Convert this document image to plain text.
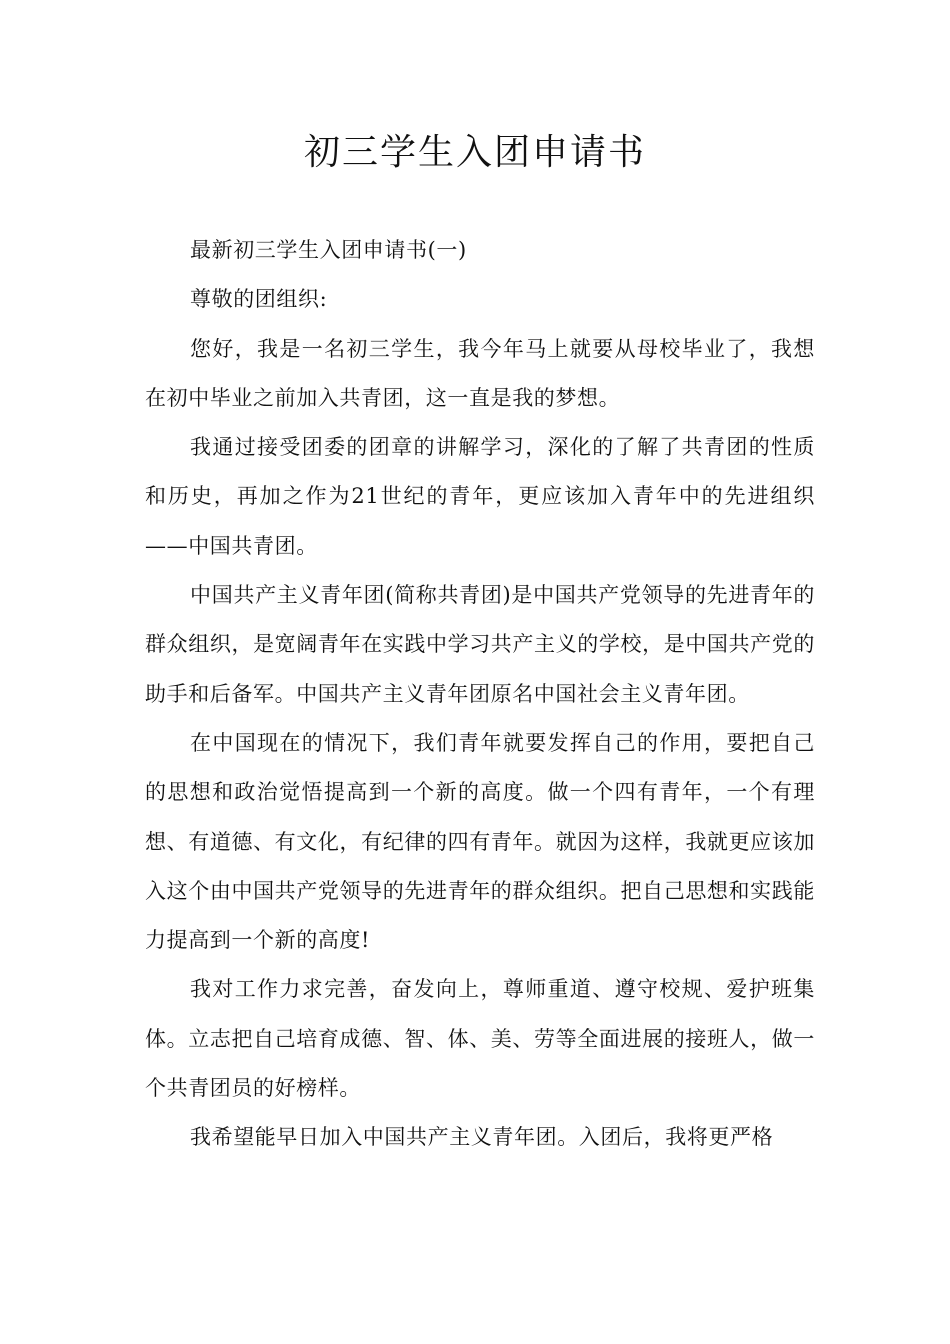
初三学生入团申请书

最新初三学生入团申请书(一)

尊敬的团组织:

您好，我是一名初三学生，我今年马上就要从母校毕业了，我想在初中毕业之前加入共青团，这一直是我的梦想。

我通过接受团委的团章的讲解学习，深化的了解了共青团的性质和历史，再加之作为21世纪的青年，更应该加入青年中的先进组织——中国共青团。

中国共产主义青年团(简称共青团)是中国共产党领导的先进青年的群众组织，是宽阔青年在实践中学习共产主义的学校，是中国共产党的助手和后备军。中国共产主义青年团原名中国社会主义青年团。

在中国现在的情况下，我们青年就要发挥自己的作用，要把自己的思想和政治觉悟提高到一个新的高度。做一个四有青年，一个有理想、有道德、有文化，有纪律的四有青年。就因为这样，我就更应该加入这个由中国共产党领导的先进青年的群众组织。把自己思想和实践能力提高到一个新的高度!

我对工作力求完善，奋发向上，尊师重道、遵守校规、爱护班集体。立志把自己培育成德、智、体、美、劳等全面进展的接班人，做一个共青团员的好榜样。

我希望能早日加入中国共产主义青年团。入团后，我将更严格
